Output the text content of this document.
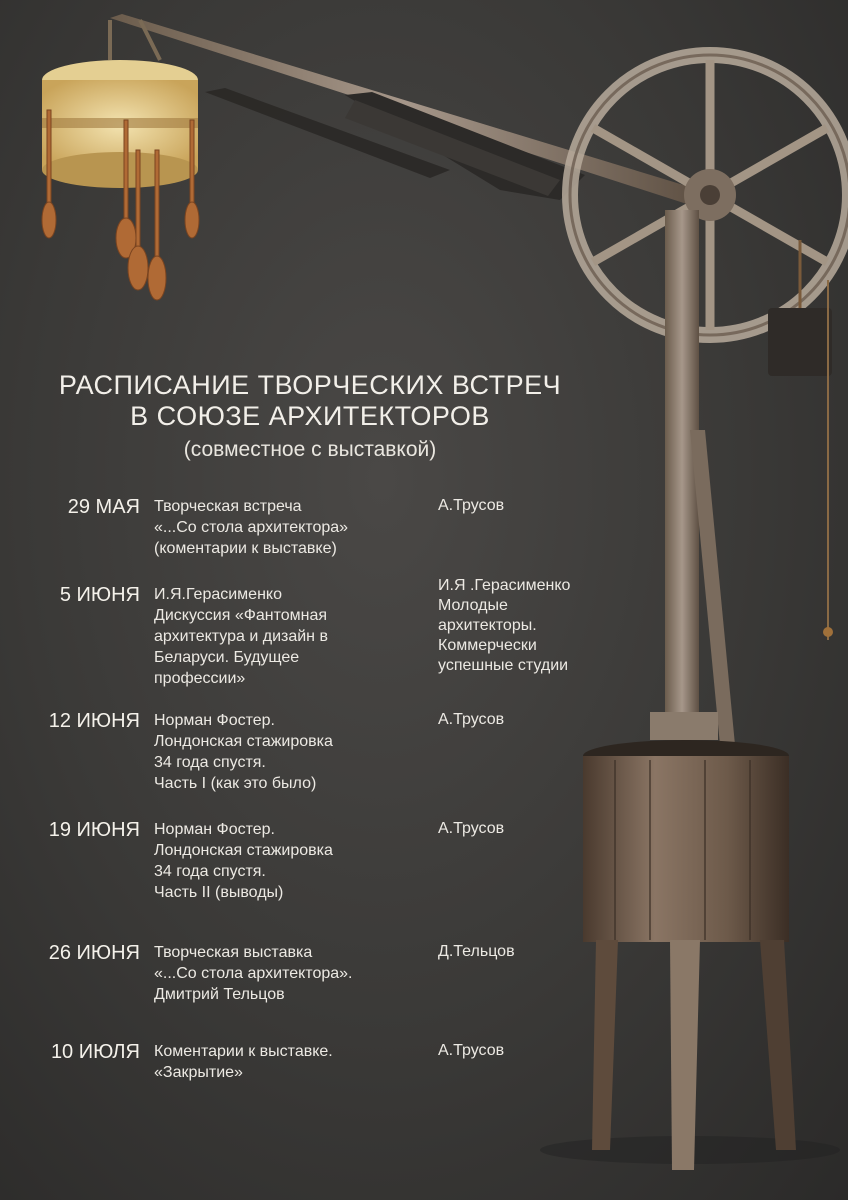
РАСПИСАНИЕ ТВОРЧЕСКИХ ВСТРЕЧ
В СОЮЗЕ АРХИТЕКТОРОВ
(совместное с выставкой)
29 МАЯ Творческая встреча
«...Со стола архитектора»
(коментарии к выставке)
А.Трусов
5 ИЮНЯ И.Я.Герасименко
Дискуссия «Фантомная
архитектура и дизайн в
Беларуси. Будущее
профессии»
И.Я .Герасименко
Молодые
архитекторы.
Коммерчески
успешные студии
12 ИЮНЯ Норман Фостер.
Лондонская стажировка
34 года спустя.
Часть I (как это было)
А.Трусов
19 ИЮНЯ Норман Фостер.
Лондонская стажировка
34 года спустя.
Часть II (выводы)
А.Трусов
26 ИЮНЯ Творческая выставка
«...Со стола архитектора».
Дмитрий Тельцов
Д.Тельцов
10 ИЮЛЯ Коментарии к выставке.
«Закрытие»
А.Трусов
